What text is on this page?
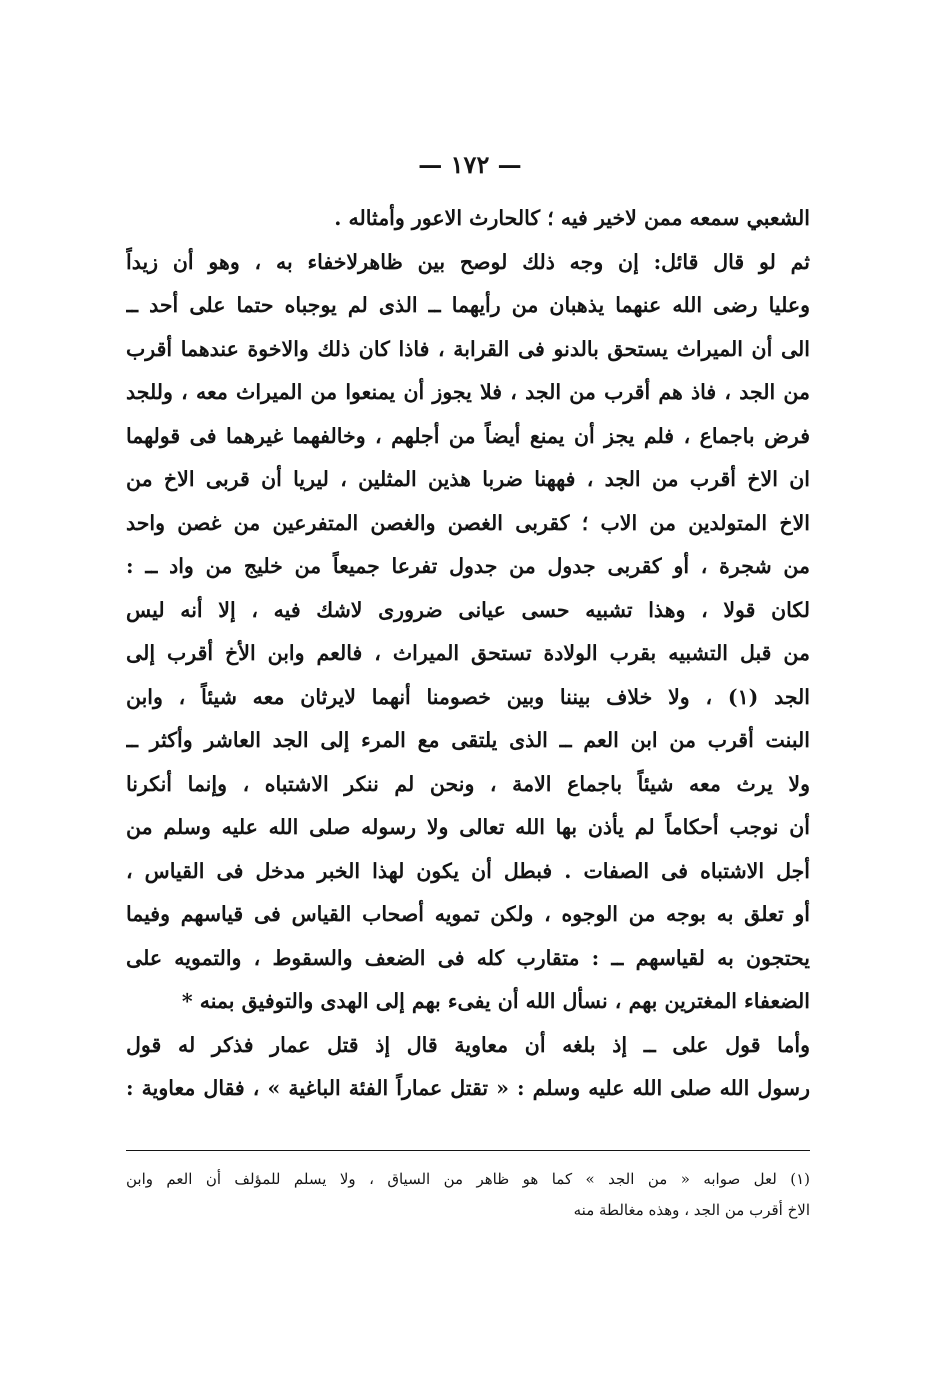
— ١٧٢ —
الشعبي سمعه ممن لاخير فيه ؛ كالحارث الاعور وأمثاله .
ثم لو قال قائل: إن وجه ذلك لوصح بين ظاهرلاخفاء به ، وهو أن زيداً
وعليا رضى الله عنهما يذهبان من رأيهما ــ الذى لم يوجباه حتما على أحد ــ
الى أن الميراث يستحق بالدنو فى القرابة ، فاذا كان ذلك والاخوة عندهما أقرب
من الجد ، فاذ هم أقرب من الجد ، فلا يجوز أن يمنعوا من الميراث معه ، وللجد
فرض باجماع ، فلم يجز أن يمنع أيضاً من أجلهم ، وخالفهما غيرهما فى قولهما
ان الاخ أقرب من الجد ، فههنا ضربا هذين المثلين ، ليريا أن قربى الاخ من
الاخ المتولدين من الاب ؛ كقربى الغصن والغصن المتفرعين من غصن واحد
من شجرة ، أو كقربى جدول من جدول تفرعا جميعاً من خليج من واد ــ :
لكان قولا ، وهذا تشبيه حسى عيانى ضرورى لاشك فيه ، إلا أنه ليس
من قبل التشبيه بقرب الولادة تستحق الميراث ، فالعم وابن الأخ أقرب إلى
الجد (١) ، ولا خلاف بيننا وبين خصومنا أنهما لايرثان معه شيئاً ، وابن
البنت أقرب من ابن العم ــ الذى يلتقى مع المرء إلى الجد العاشر وأكثر ــ
ولا يرث معه شيئاً باجماع الامة ، ونحن لم ننكر الاشتباه ، وإنما أنكرنا
أن نوجب أحكاماً لم يأذن بها الله تعالى ولا رسوله صلى الله عليه وسلم من
أجل الاشتباه فى الصفات . فبطل أن يكون لهذا الخبر مدخل فى القياس ،
أو تعلق به بوجه من الوجوه ، ولكن تمويه أصحاب القياس فى قياسهم وفيما
يحتجون به لقياسهم ــ : متقارب كله فى الضعف والسقوط ، والتمويه على
الضعفاء المغترين بهم ، نسأل الله أن يفىء بهم إلى الهدى والتوفيق بمنه *
وأما قول على ــ إذ بلغه أن معاوية قال إذ قتل عمار فذكر له قول
رسول الله صلى الله عليه وسلم : « تقتل عماراً الفئة الباغية » ، فقال معاوية :
(١) لعل صوابه « من الجد » كما هو ظاهر من السياق ، ولا يسلم للمؤلف أن العم وابن
الاخ أقرب من الجد ، وهذه مغالطة منه
